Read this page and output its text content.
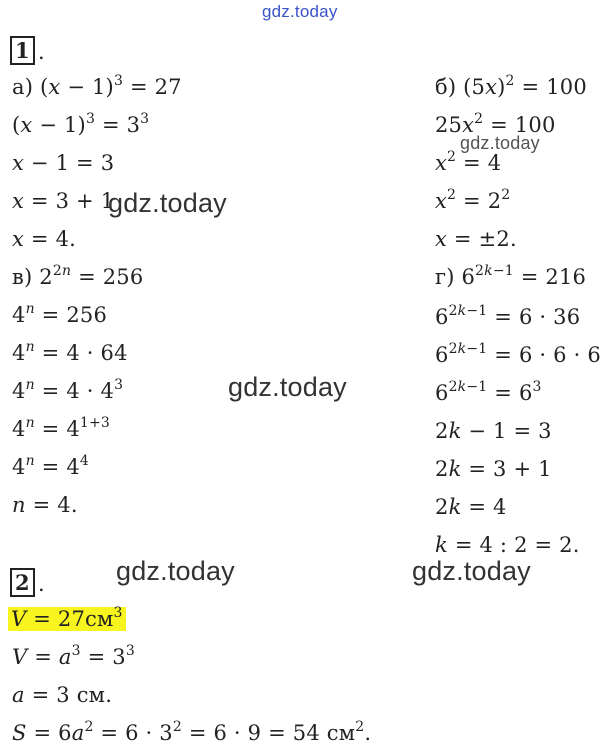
gdz.today
1 .
а) $(x - 1)^3 = 27$
$(x - 1)^3 = 3^3$
x − 1 = 3
x = 3 + 1
x = 4.
б) $(5x)^2 = 100$
$25x^2 = 100$
$x^2 = 4$
$x^2 = 2^2$
x = ±2.
в) $2^{2n} = 256$
$4^n = 256$
$4^n = 4 \cdot 64$
$4^n = 4 \cdot 4^3$
$4^n = 4^{1+3}$
$4^n = 4^4$
n = 4.
г) $6^{2k-1} = 216$
$6^{2k-1} = 6 \cdot 36$
$6^{2k-1} = 6 \cdot 6 \cdot 6$
$6^{2k-1} = 6^3$
2k − 1 = 3
2k = 3 + 1
2k = 4
k = 4 : 2 = 2.
2 .
$V = 27см^3$
$V = a^3 = 3^3$
a = 3 см.
$S = 6a^2 = 6 \cdot 3^2 = 6 \cdot 9 = 54$ $см^2$.
gdz.today
gdz.today
gdz.today
gdz.today	gdz.today
